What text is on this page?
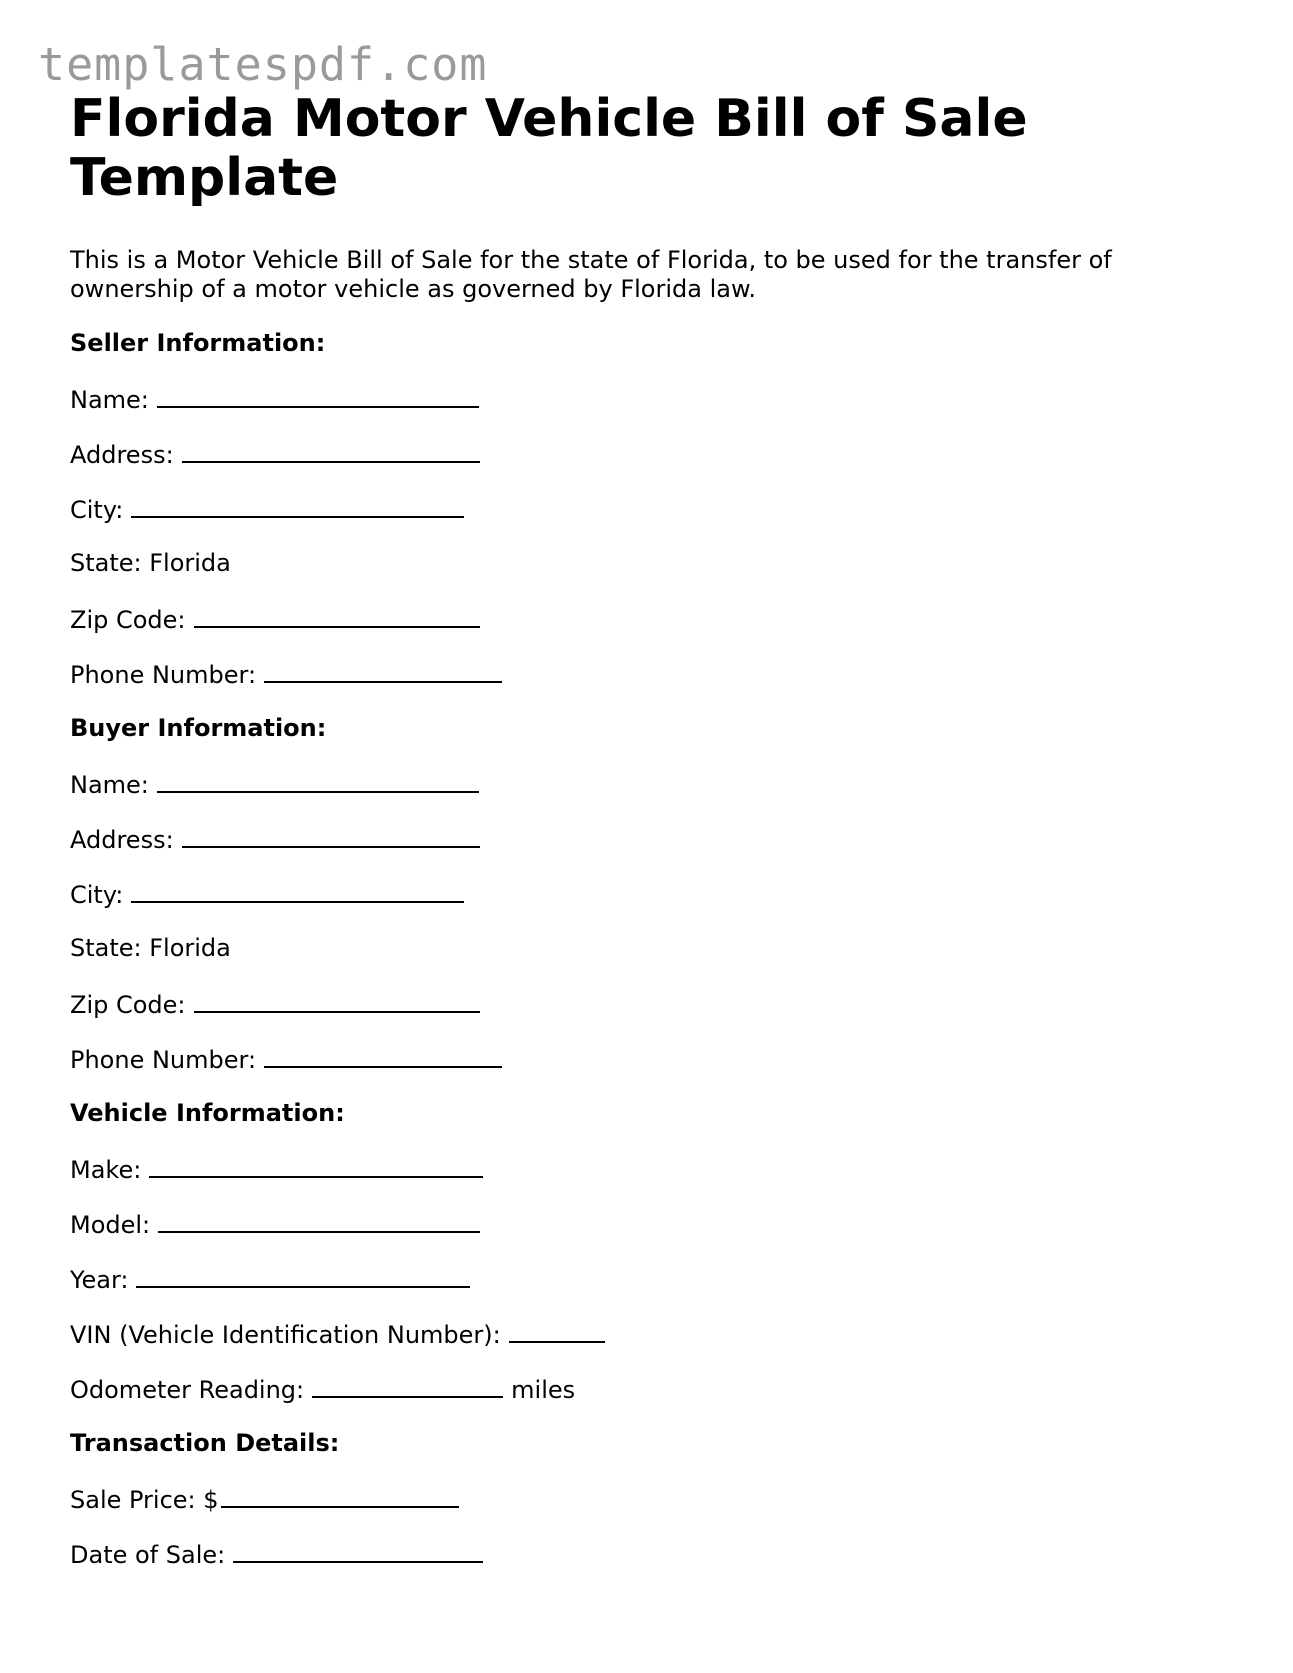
templatespdf.com
Florida Motor Vehicle Bill of Sale Template

This is a Motor Vehicle Bill of Sale for the state of Florida, to be used for the transfer of ownership of a motor vehicle as governed by Florida law.

Seller Information:
Name:
Address:
City:
State: Florida
Zip Code:
Phone Number:
Buyer Information:
Name:
Address:
City:
State: Florida
Zip Code:
Phone Number:
Vehicle Information:
Make:
Model:
Year:
VIN (Vehicle Identification Number):
Odometer Reading:	miles
Transaction Details:
Sale Price: $
Date of Sale:
